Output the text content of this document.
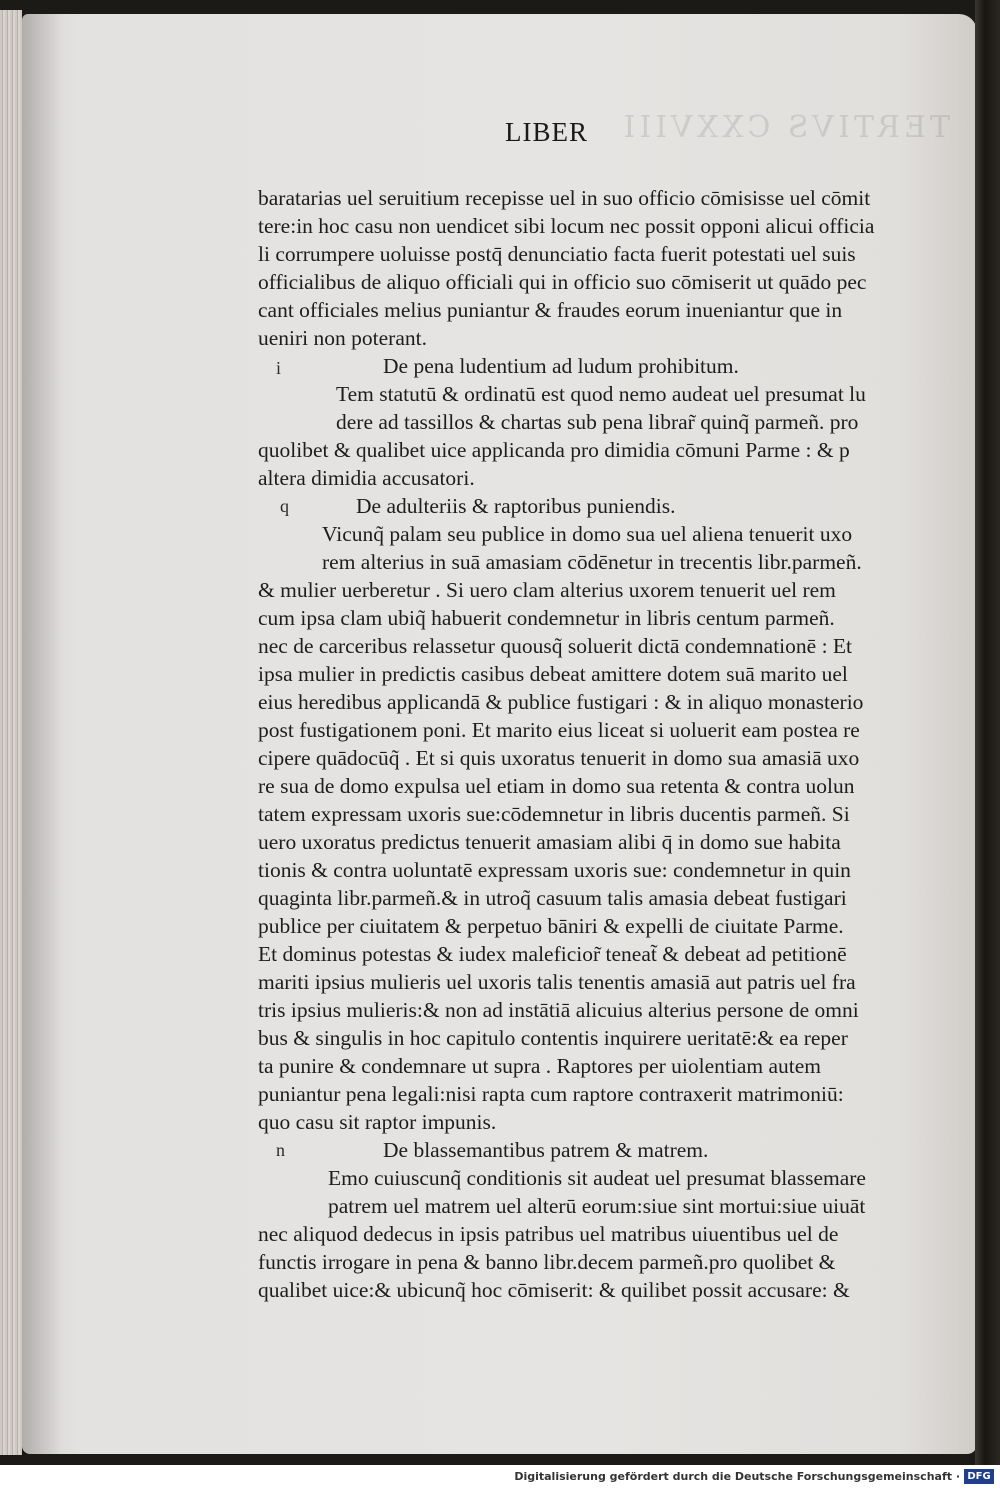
TERTIVS CXXVIII
LIBER
baratarias uel seruitium recepisse uel in suo officio cōmisisse uel cōmit
tere:in hoc casu non uendicet sibi locum nec possit opponi alicui officia
li corrumpere uoluisse postq̄ denunciatio facta fuerit potestati uel suis
officialibus de aliquo officiali qui in officio suo cōmiserit ut quādo pec
cant officiales melius puniantur & fraudes eorum inueniantur que in
ueniri non poterant.
De pena ludentium ad ludum prohibitum.
i
Tem statutū & ordinatū est quod nemo audeat uel presumat lu
dere ad tassillos & chartas sub pena librar̃ quinq̃ parmeñ. pro
quolibet & qualibet uice applicanda pro dimidia cōmuni Parme : & p
altera dimidia accusatori.
De adulteriis & raptoribus puniendis.
q
Vicunq̃ palam seu publice in domo sua uel aliena tenuerit uxo
rem alterius in suā amasiam cōdēnetur in trecentis libr.parmeñ.
& mulier uerberetur . Si uero clam alterius uxorem tenuerit uel rem
cum ipsa clam ubiq̃ habuerit condemnetur in libris centum parmeñ.
nec de carceribus relassetur quousq̃ soluerit dictā condemnationē : Et
ipsa mulier in predictis casibus debeat amittere dotem suā marito uel
eius heredibus applicandā & publice fustigari : & in aliquo monasterio
post fustigationem poni. Et marito eius liceat si uoluerit eam postea re
cipere quādocūq̃ . Et si quis uxoratus tenuerit in domo sua amasiā uxo
re sua de domo expulsa uel etiam in domo sua retenta & contra uolun
tatem expressam uxoris sue:cōdemnetur in libris ducentis parmeñ. Si
uero uxoratus predictus tenuerit amasiam alibi q̄ in domo sue habita
tionis & contra uoluntatē expressam uxoris sue: condemnetur in quin
quaginta libr.parmeñ.& in utroq̃ casuum talis amasia debeat fustigari
publice per ciuitatem & perpetuo bāniri & expelli de ciuitate Parme.
Et dominus potestas & iudex maleficior̃ teneat̃ & debeat ad petitionē
mariti ipsius mulieris uel uxoris talis tenentis amasiā aut patris uel fra
tris ipsius mulieris:& non ad instātiā alicuius alterius persone de omni
bus & singulis in hoc capitulo contentis inquirere ueritatē:& ea reper
ta punire & condemnare ut supra . Raptores per uiolentiam autem
puniantur pena legali:nisi rapta cum raptore contraxerit matrimoniū:
quo casu sit raptor impunis.
De blassemantibus patrem & matrem.
n
Emo cuiuscunq̃ conditionis sit audeat uel presumat blassemare
patrem uel matrem uel alterū eorum:siue sint mortui:siue uiuāt
nec aliquod dedecus in ipsis patribus uel matribus uiuentibus uel de
functis irrogare in pena & banno libr.decem parmeñ.pro quolibet &
qualibet uice:& ubicunq̃ hoc cōmiserit: & quilibet possit accusare: &
Digitalisierung gefördert durch die Deutsche Forschungsgemeinschaft · DFG
